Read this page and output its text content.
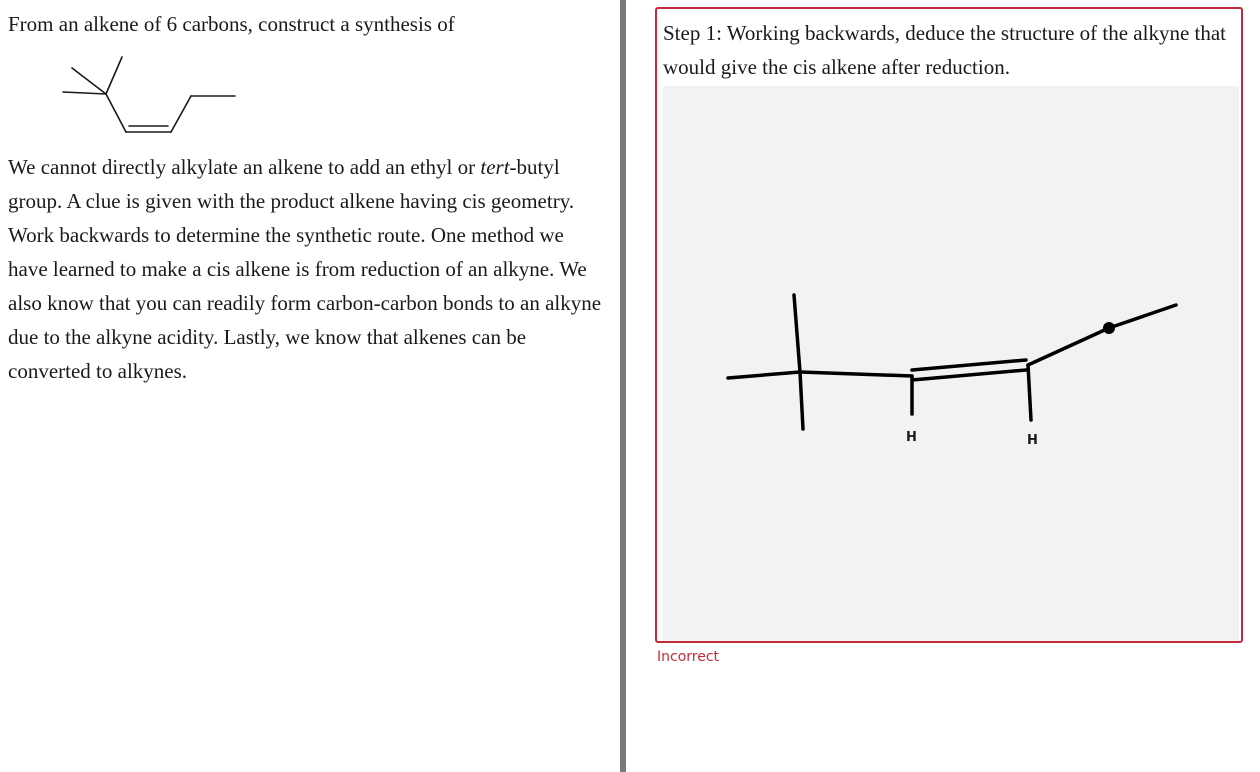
From an alkene of 6 carbons, construct a synthesis of

We cannot directly alkylate an alkene to add an ethyl or tert-butyl group. A clue is given with the product alkene having cis geometry. Work backwards to determine the synthetic route. One method we have learned to make a cis alkene is from reduction of an alkyne. We also know that you can readily form carbon-carbon bonds to an alkyne due to the alkyne acidity. Lastly, we know that alkenes can be converted to alkynes.

Step 1: Working backwards, deduce the structure of the alkyne that would give the cis alkene after reduction.

H	H
Incorrect
